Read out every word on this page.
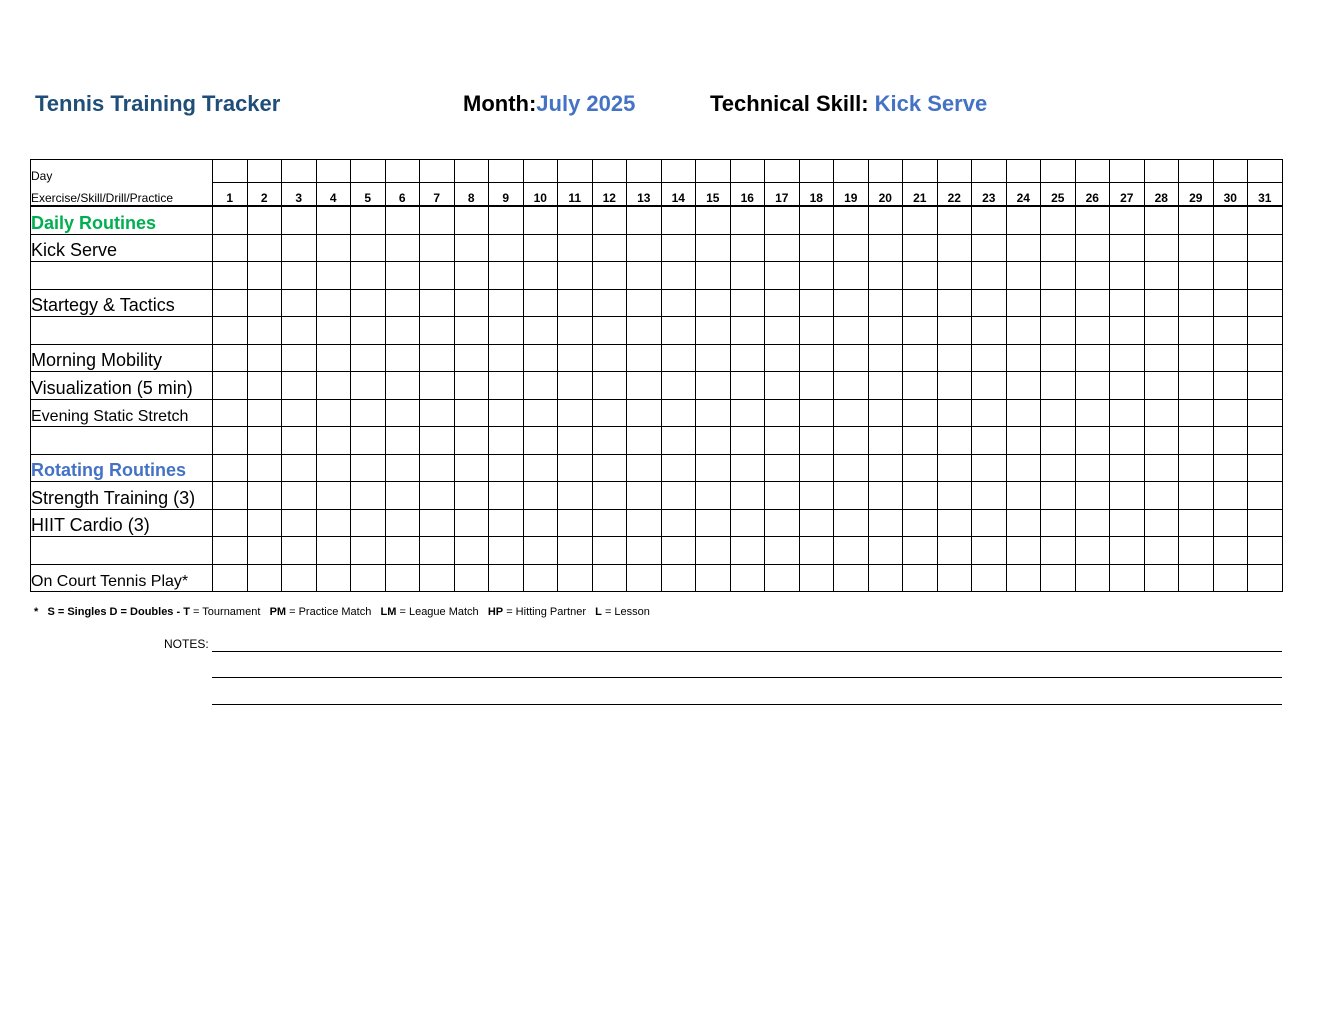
Tennis Training Tracker	Month:July 2025	Technical Skill: Kick Serve
Day																															
Exercise/Skill/Drill/Practice	1	2	3	4	5	6	7	8	9	10	11	12	13	14	15	16	17	18	19	20	21	22	23	24	25	26	27	28	29	30	31
Daily Routines																															
Kick Serve																															

Startegy & Tactics																															

Morning Mobility																															
Visualization (5 min)																															
Evening Static Stretch																															

Rotating Routines																															
Strength Training (3)																															
HIIT Cardio (3)																															

On Court Tennis Play*																															
* S = Singles D = Doubles - T = Tournament PM = Practice Match LM = League Match HP = Hitting Partner L = Lesson
NOTES:
